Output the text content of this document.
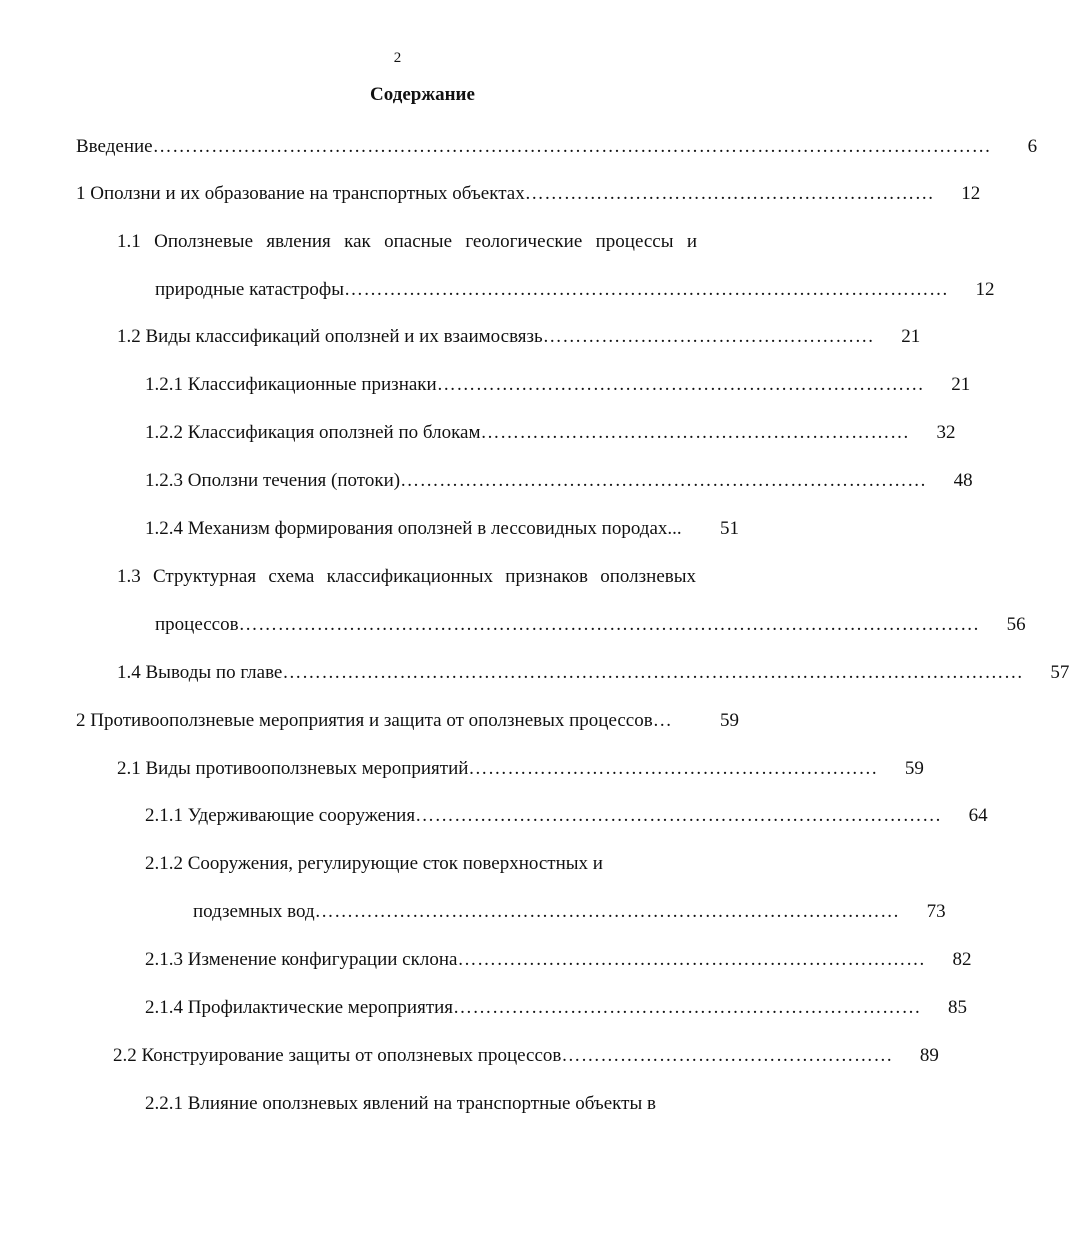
2
Содержание
Введение …………………………………………………………………………………………………………………	6
1 Оползни и их образование на транспортных объектах ………………………………………………………	12
1.1 Оползневые явления как опасные геологические процессы и
природные катастрофы …………………………………………………………………………………	12
1.2 Виды классификаций оползней и их взаимосвязь ……………………………………………	21
1.2.1 Классификационные признаки …………………………………………………………………	21
1.2.2 Классификация оползней по блокам …………………………………………………………	32
1.2.3 Оползни течения (потоки) ………………………………………………………………………	48
1.2.4 Механизм формирования оползней в лессовидных породах...	51
1.3 Структурная схема классификационных признаков оползневых
процессов ……………………………………………………………………………………………………	56
1.4 Выводы по главе ……………………………………………………………………………………………………	57
2 Противооползневые мероприятия и защита от оползневых процессов…	59
2.1 Виды противооползневых мероприятий ………………………………………………………	59
2.1.1 Удерживающие сооружения ………………………………………………………………………	64
2.1.2 Сооружения, регулирующие сток поверхностных и
подземных вод ………………………………………………………………………………	73
2.1.3 Изменение конфигурации склона ………………………………………………………………	82
2.1.4 Профилактические мероприятия ………………………………………………………………	85
2.2 Конструирование защиты от оползневых процессов ……………………………………………	89
2.2.1 Влияние оползневых явлений на транспортные объекты в
